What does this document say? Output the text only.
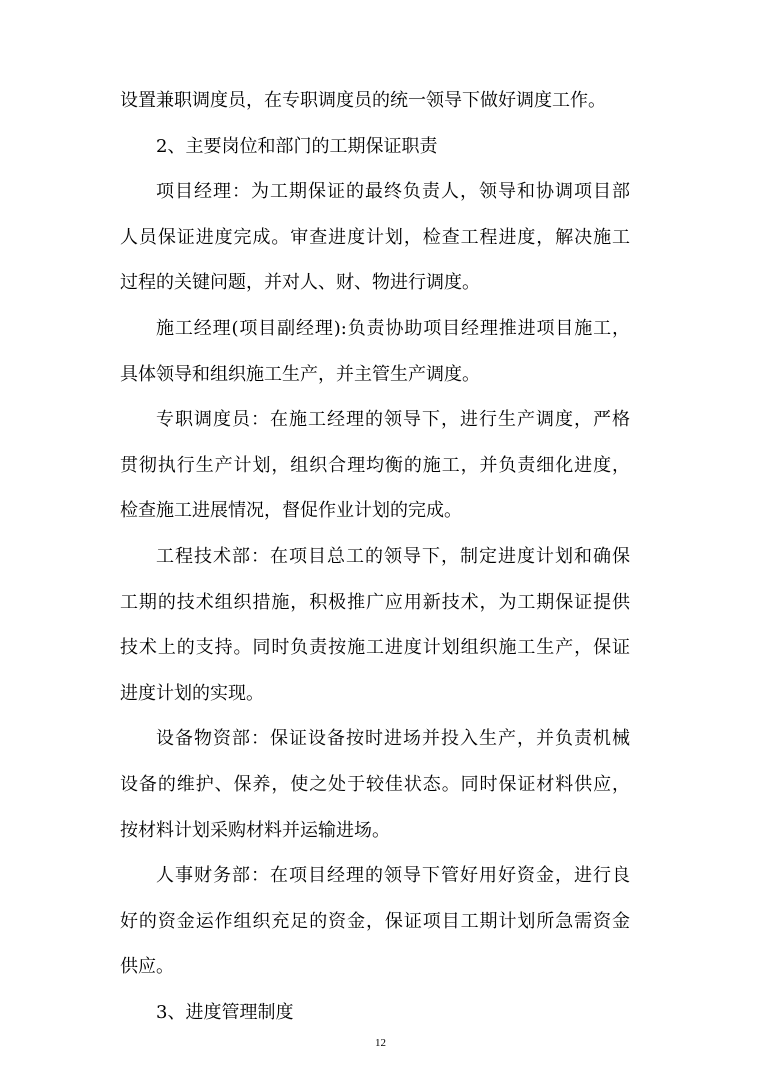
设置兼职调度员，在专职调度员的统一领导下做好调度工作。
2、主要岗位和部门的工期保证职责
项目经理：为工期保证的最终负责人，领导和协调项目部
人员保证进度完成。审查进度计划，检查工程进度，解决施工
过程的关键问题，并对人、财、物进行调度。
施工经理(项目副经理):负责协助项目经理推进项目施工，
具体领导和组织施工生产，并主管生产调度。
专职调度员：在施工经理的领导下，进行生产调度，严格
贯彻执行生产计划，组织合理均衡的施工，并负责细化进度，
检查施工进展情况，督促作业计划的完成。
工程技术部：在项目总工的领导下，制定进度计划和确保
工期的技术组织措施，积极推广应用新技术，为工期保证提供
技术上的支持。同时负责按施工进度计划组织施工生产，保证
进度计划的实现。
设备物资部：保证设备按时进场并投入生产，并负责机械
设备的维护、保养，使之处于较佳状态。同时保证材料供应，
按材料计划采购材料并运输进场。
人事财务部：在项目经理的领导下管好用好资金，进行良
好的资金运作组织充足的资金，保证项目工期计划所急需资金
供应。
3、进度管理制度
12
